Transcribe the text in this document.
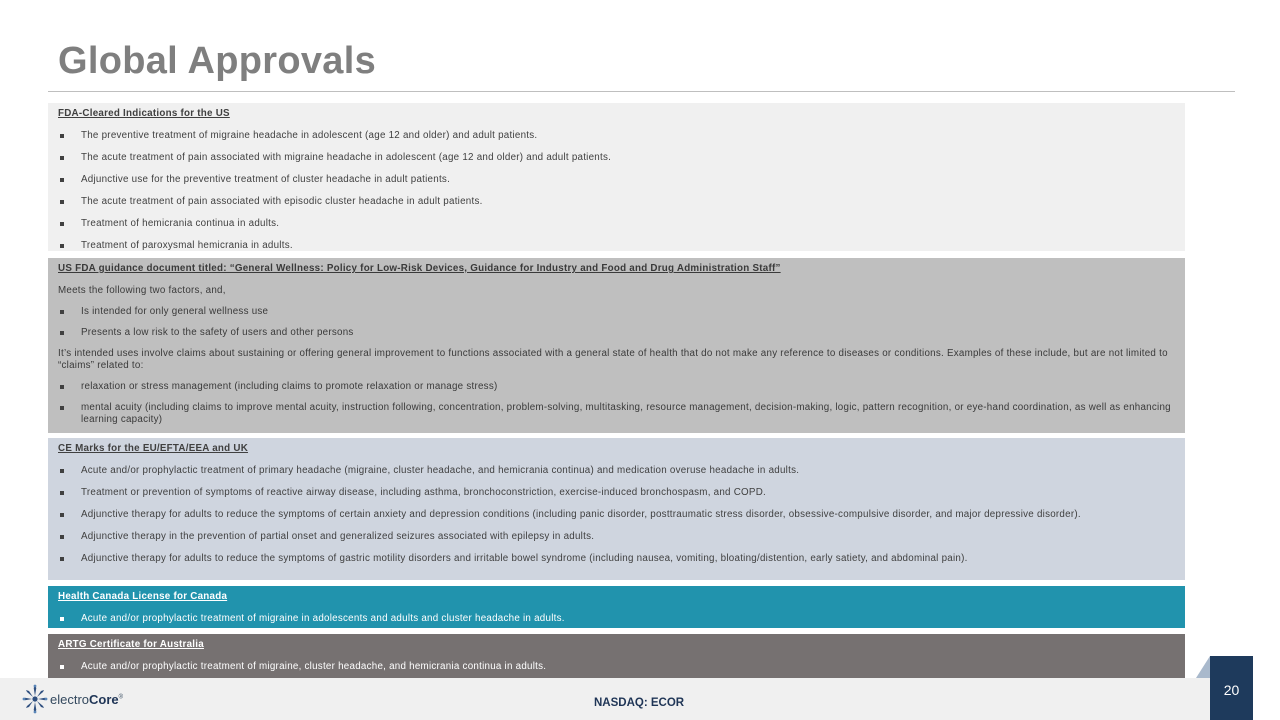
Global Approvals
FDA-Cleared Indications for the US
The preventive treatment of migraine headache in adolescent (age 12 and older) and adult patients.
The acute treatment of pain associated with migraine headache in adolescent (age 12 and older) and adult patients.
Adjunctive use for the preventive treatment of cluster headache in adult patients.
The acute treatment of pain associated with episodic cluster headache in adult patients.
Treatment of hemicrania continua in adults.
Treatment of paroxysmal hemicrania in adults.
US FDA guidance document titled: “General Wellness: Policy for Low-Risk Devices, Guidance for Industry and Food and Drug Administration Staff”
Meets the following two factors, and,
Is intended for only general wellness use
Presents a low risk to the safety of users and other persons
It’s intended uses involve claims about sustaining or offering general improvement to functions associated with a general state of health that do not make any reference to diseases or conditions. Examples of these include, but are not limited to “claims” related to:
relaxation or stress management (including claims to promote relaxation or manage stress)
mental acuity (including claims to improve mental acuity, instruction following, concentration, problem-solving, multitasking, resource management, decision-making, logic, pattern recognition, or eye-hand coordination, as well as enhancing learning capacity)
CE Marks for the EU/EFTA/EEA and UK
Acute and/or prophylactic treatment of primary headache (migraine, cluster headache, and hemicrania continua) and medication overuse headache in adults.
Treatment or prevention of symptoms of reactive airway disease, including asthma, bronchoconstriction, exercise-induced bronchospasm, and COPD.
Adjunctive therapy for adults to reduce the symptoms of certain anxiety and depression conditions (including panic disorder, posttraumatic stress disorder, obsessive-compulsive disorder, and major depressive disorder).
Adjunctive therapy in the prevention of partial onset and generalized seizures associated with epilepsy in adults.
Adjunctive therapy for adults to reduce the symptoms of gastric motility disorders and irritable bowel syndrome (including nausea, vomiting, bloating/distention, early satiety, and abdominal pain).
Health Canada License for Canada
Acute and/or prophylactic treatment of migraine in adolescents and adults and cluster headache in adults.
ARTG Certificate for Australia
Acute and/or prophylactic treatment of migraine, cluster headache, and hemicrania continua in adults.
electroCore®	NASDAQ: ECOR
20
